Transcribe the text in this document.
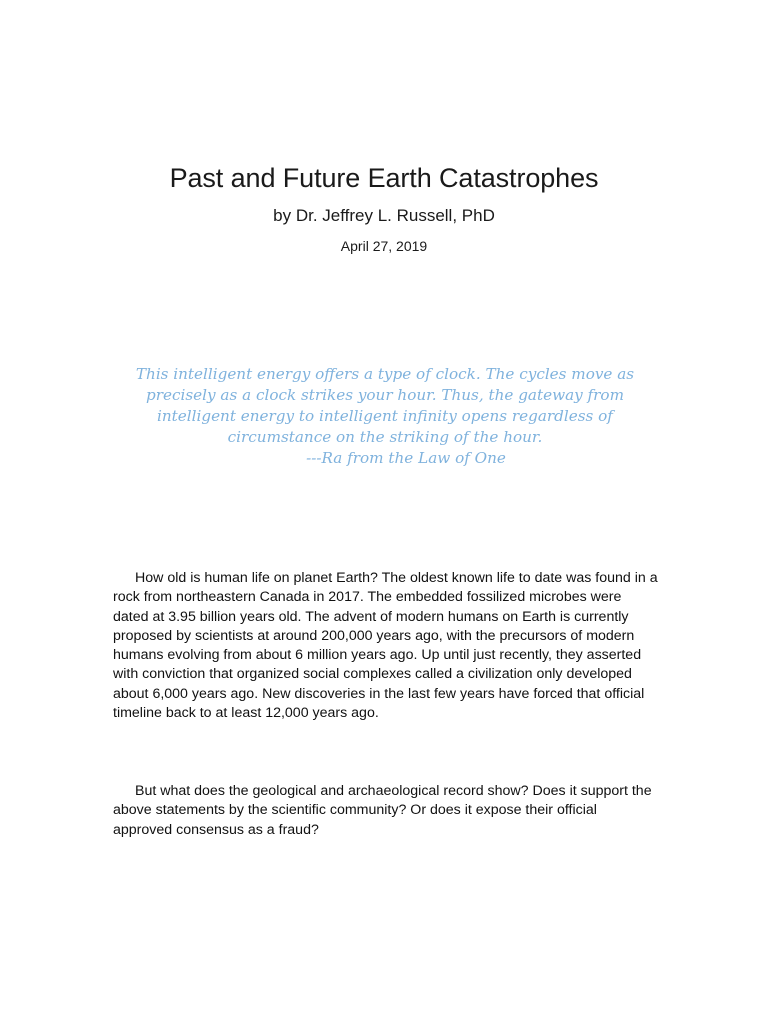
Past and Future Earth Catastrophes
by Dr. Jeffrey L. Russell, PhD
April 27, 2019
This intelligent energy offers a type of clock. The cycles move as precisely as a clock strikes your hour. Thus, the gateway from intelligent energy to intelligent infinity opens regardless of circumstance on the striking of the hour.
---Ra from the Law of One

How old is human life on planet Earth? The oldest known life to date was found in a rock from northeastern Canada in 2017. The embedded fossilized microbes were dated at 3.95 billion years old. The advent of modern humans on Earth is currently proposed by scientists at around 200,000 years ago, with the precursors of modern humans evolving from about 6 million years ago. Up until just recently, they asserted with conviction that organized social complexes called a civilization only developed about 6,000 years ago. New discoveries in the last few years have forced that official timeline back to at least 12,000 years ago.

But what does the geological and archaeological record show? Does it support the above statements by the scientific community? Or does it expose their official approved consensus as a fraud?
